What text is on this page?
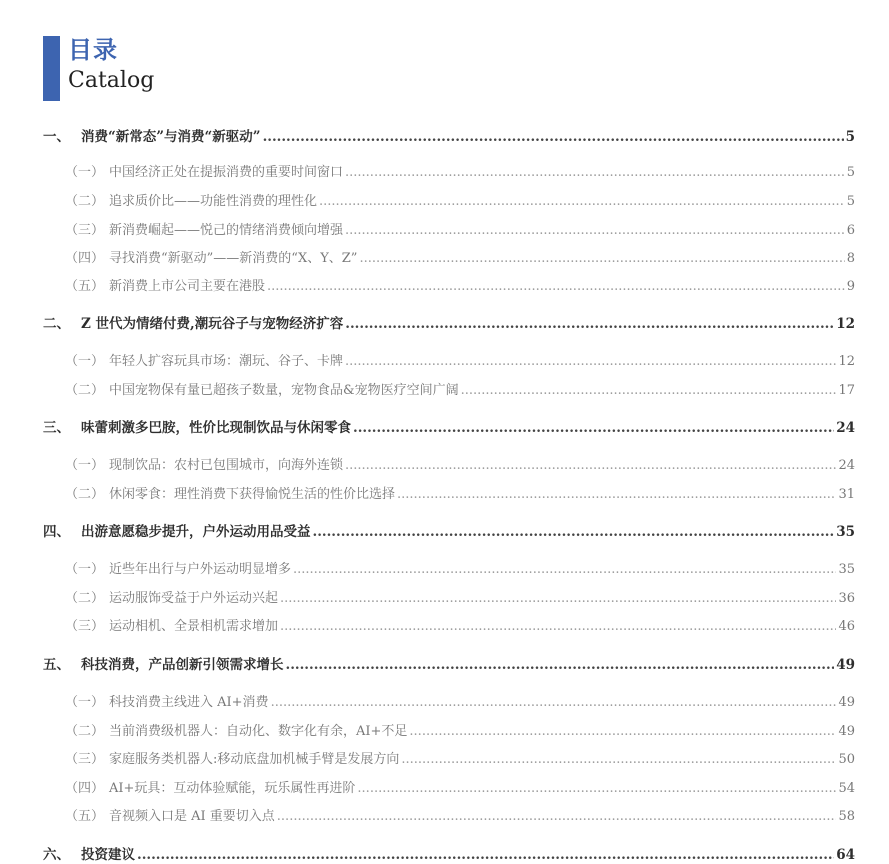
目录
Catalog
一、 消费“新常态”与消费“新驱动” .....	5
（一） 中国经济正处在提振消费的重要时间窗口 .....	5
（二） 追求质价比——功能性消费的理性化 .....	5
（三） 新消费崛起——悦己的情绪消费倾向增强 .....	6
（四） 寻找消费“新驱动”——新消费的“X、Y、Z” .....	8
（五） 新消费上市公司主要在港股 .....	9
二、 Z 世代为情绪付费,潮玩谷子与宠物经济扩容 .....	12
（一） 年轻人扩容玩具市场：潮玩、谷子、卡牌 .....	12
（二） 中国宠物保有量已超孩子数量，宠物食品&宠物医疗空间广阔 .....	17
三、 味蕾刺激多巴胺，性价比现制饮品与休闲零食 .....	24
（一） 现制饮品：农村已包围城市，向海外连锁 .....	24
（二） 休闲零食：理性消费下获得愉悦生活的性价比选择 .....	31
四、 出游意愿稳步提升，户外运动用品受益 .....	35
（一） 近些年出行与户外运动明显增多 .....	35
（二） 运动服饰受益于户外运动兴起 .....	36
（三） 运动相机、全景相机需求增加 .....	46
五、 科技消费，产品创新引领需求增长 .....	49
（一） 科技消费主线进入 AI+消费 .....	49
（二） 当前消费级机器人：自动化、数字化有余，AI+不足 .....	49
（三） 家庭服务类机器人:移动底盘加机械手臂是发展方向 .....	50
（四） AI+玩具：互动体验赋能，玩乐属性再进阶 .....	54
（五） 音视频入口是 AI 重要切入点 .....	58
六、 投资建议 .....	64
